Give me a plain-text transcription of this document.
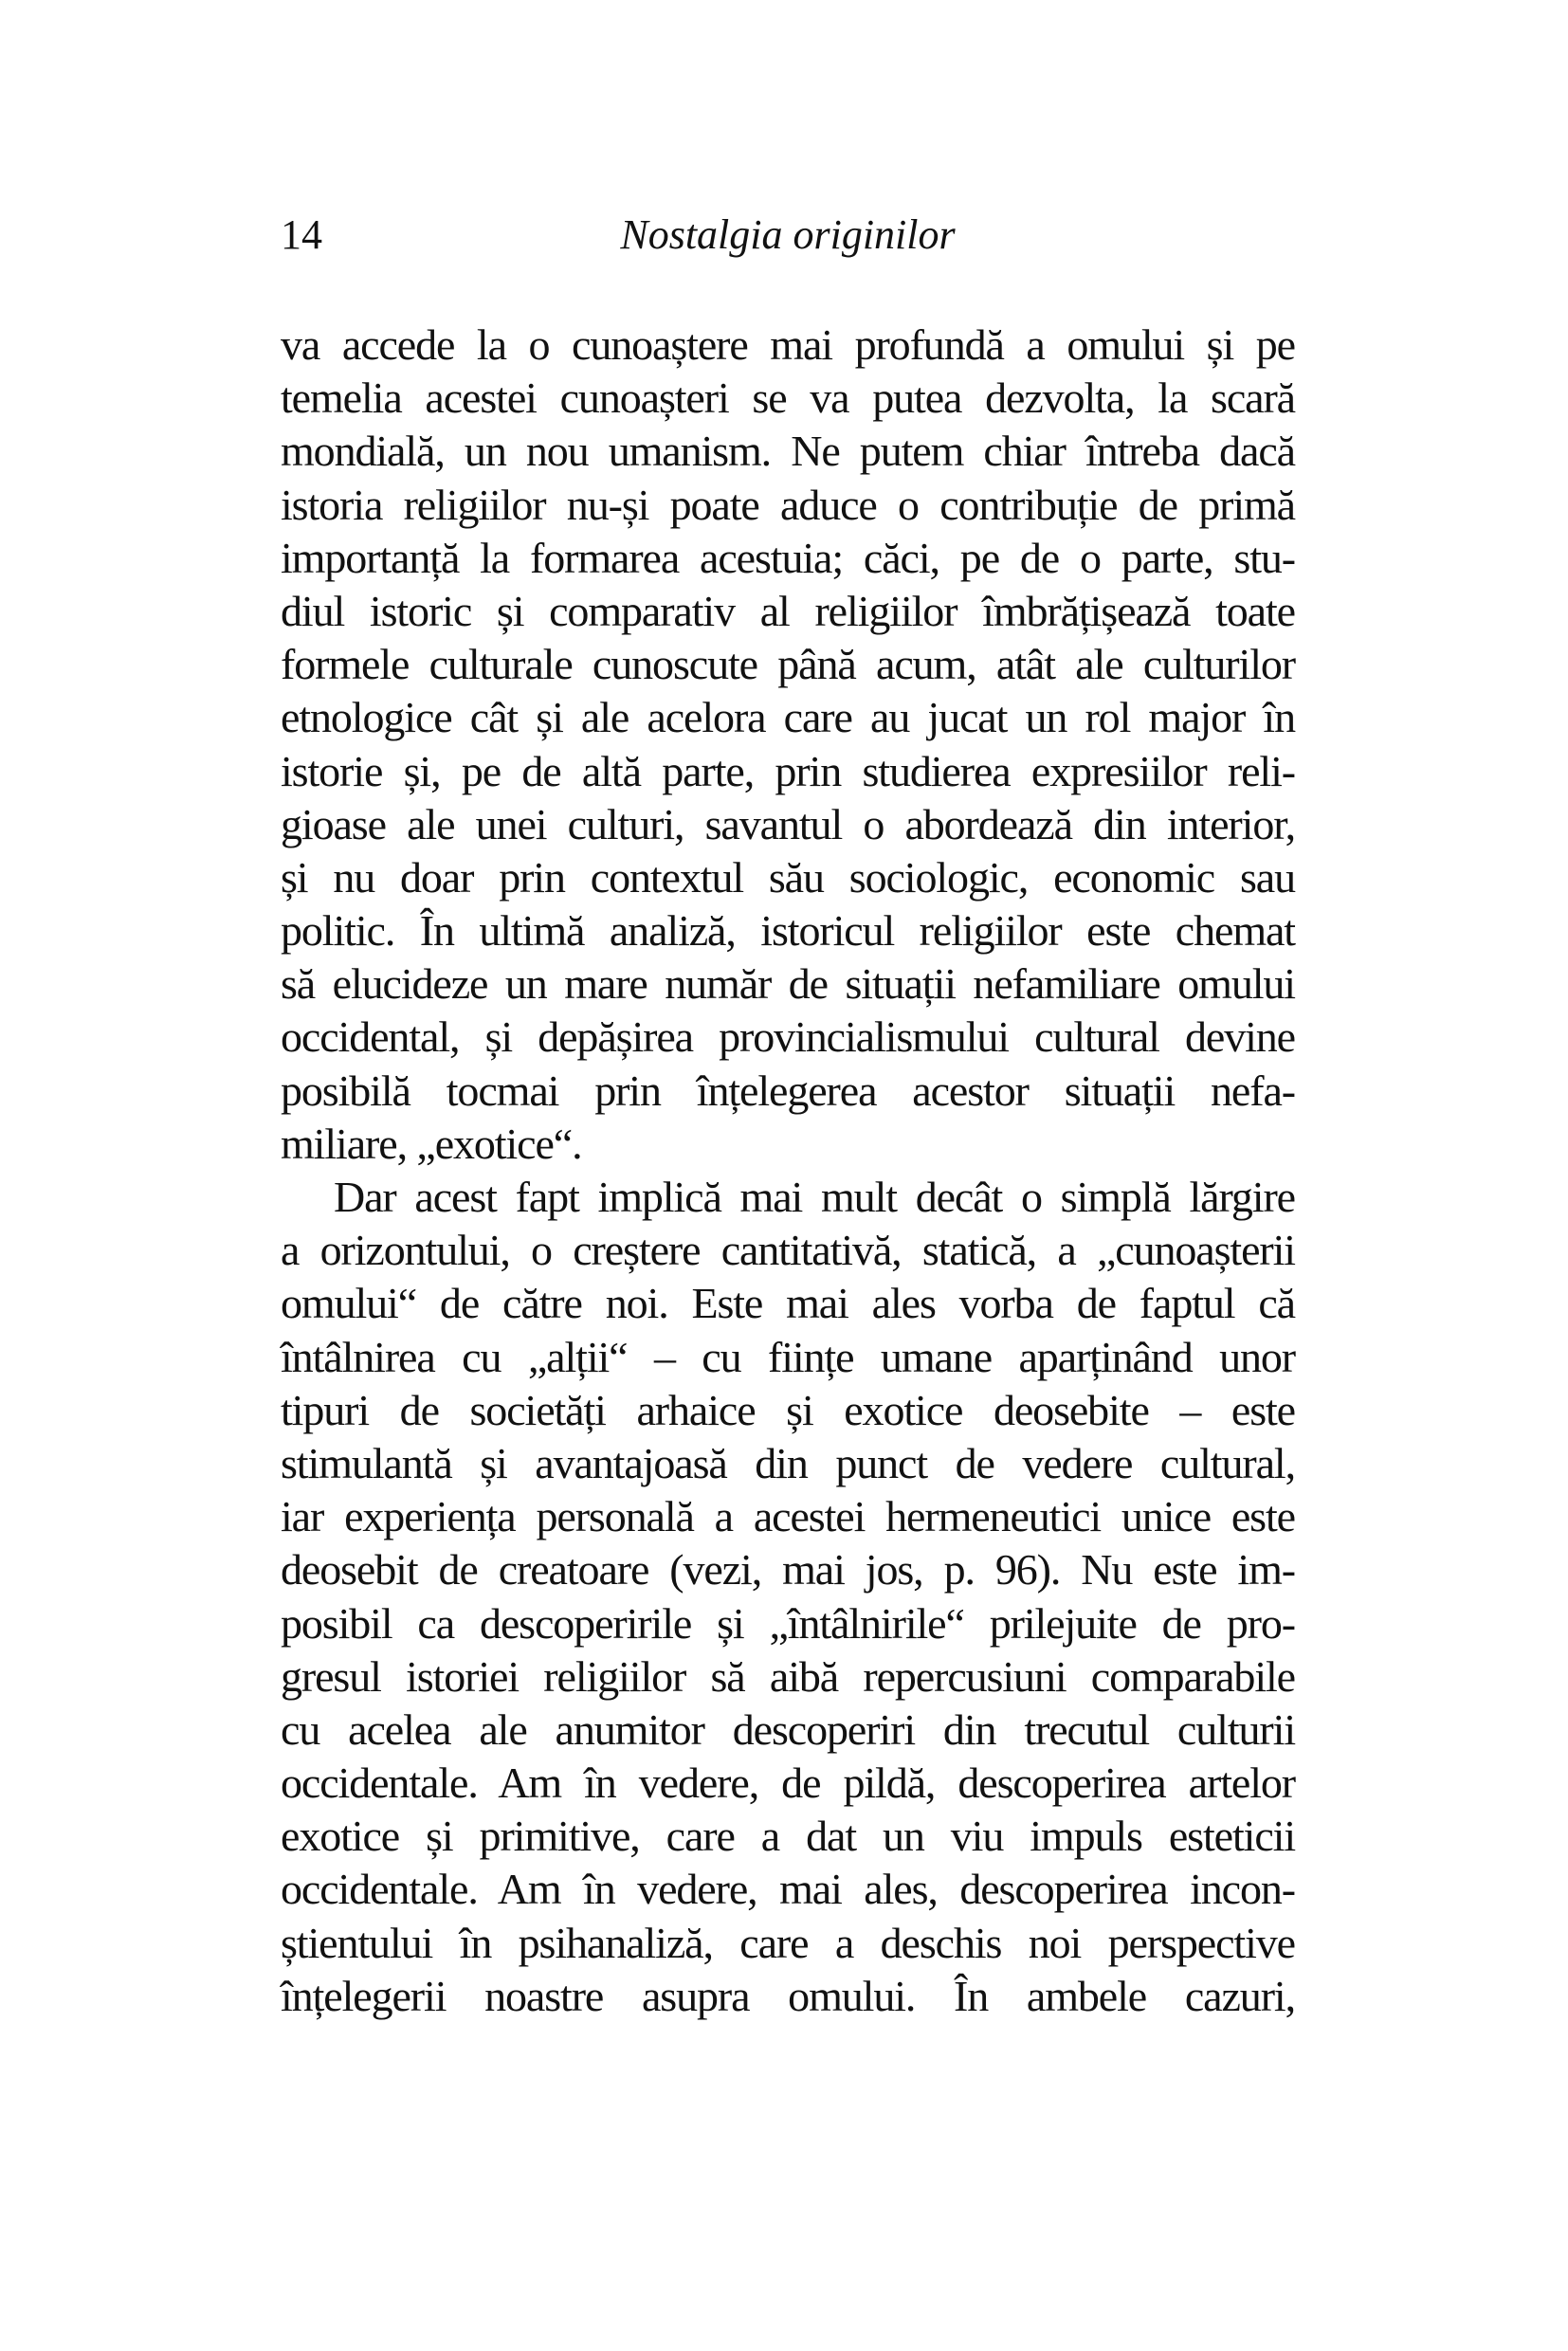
14	Nostalgia originilor
va accede la o cunoaștere mai profundă a omului și pe
temelia acestei cunoașteri se va putea dezvolta, la scară
mondială, un nou umanism. Ne putem chiar întreba dacă
istoria religiilor nu-și poate aduce o contribuție de primă
importanță la formarea acestuia; căci, pe de o parte, stu-
diul istoric și comparativ al religiilor îmbrățișează toate
formele culturale cunoscute până acum, atât ale culturilor
etnologice cât și ale acelora care au jucat un rol major în
istorie și, pe de altă parte, prin studierea expresiilor reli-
gioase ale unei culturi, savantul o abordează din interior,
și nu doar prin contextul său sociologic, economic sau
politic. În ultimă analiză, istoricul religiilor este chemat
să elucideze un mare număr de situații nefamiliare omului
occidental, și depășirea provincialismului cultural devine
posibilă tocmai prin înțelegerea acestor situații nefa-
miliare, „exotice“.
Dar acest fapt implică mai mult decât o simplă lărgire
a orizontului, o creștere cantitativă, statică, a „cunoașterii
omului“ de către noi. Este mai ales vorba de faptul că
întâlnirea cu „alții“ – cu ființe umane aparținând unor
tipuri de societăți arhaice și exotice deosebite – este
stimulantă și avantajoasă din punct de vedere cultural,
iar experiența personală a acestei hermeneutici unice este
deosebit de creatoare (vezi, mai jos, p. 96). Nu este im-
posibil ca descoperirile și „întâlnirile“ prilejuite de pro-
gresul istoriei religiilor să aibă repercusiuni comparabile
cu acelea ale anumitor descoperiri din trecutul culturii
occidentale. Am în vedere, de pildă, descoperirea artelor
exotice și primitive, care a dat un viu impuls esteticii
occidentale. Am în vedere, mai ales, descoperirea incon-
știentului în psihanaliză, care a deschis noi perspective
înțelegerii noastre asupra omului. În ambele cazuri,
